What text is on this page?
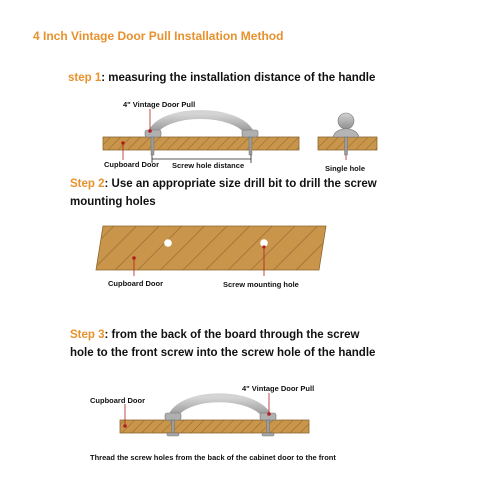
4 Inch Vintage Door Pull Installation Method
step 1: measuring the installation distance of the handle
Step 2: Use an appropriate size drill bit to drill the screw
mounting holes
Step 3: from the back of the board through the screw
hole to the front screw into the screw hole of the handle
4" Vintage Door Pull
Cupboard Door Screw hole distance	Single hole
Cupboard Door	Screw mounting hole
Cupboard Door
4" Vintage Door Pull
Thread the screw holes from the back of the cabinet door to the front
